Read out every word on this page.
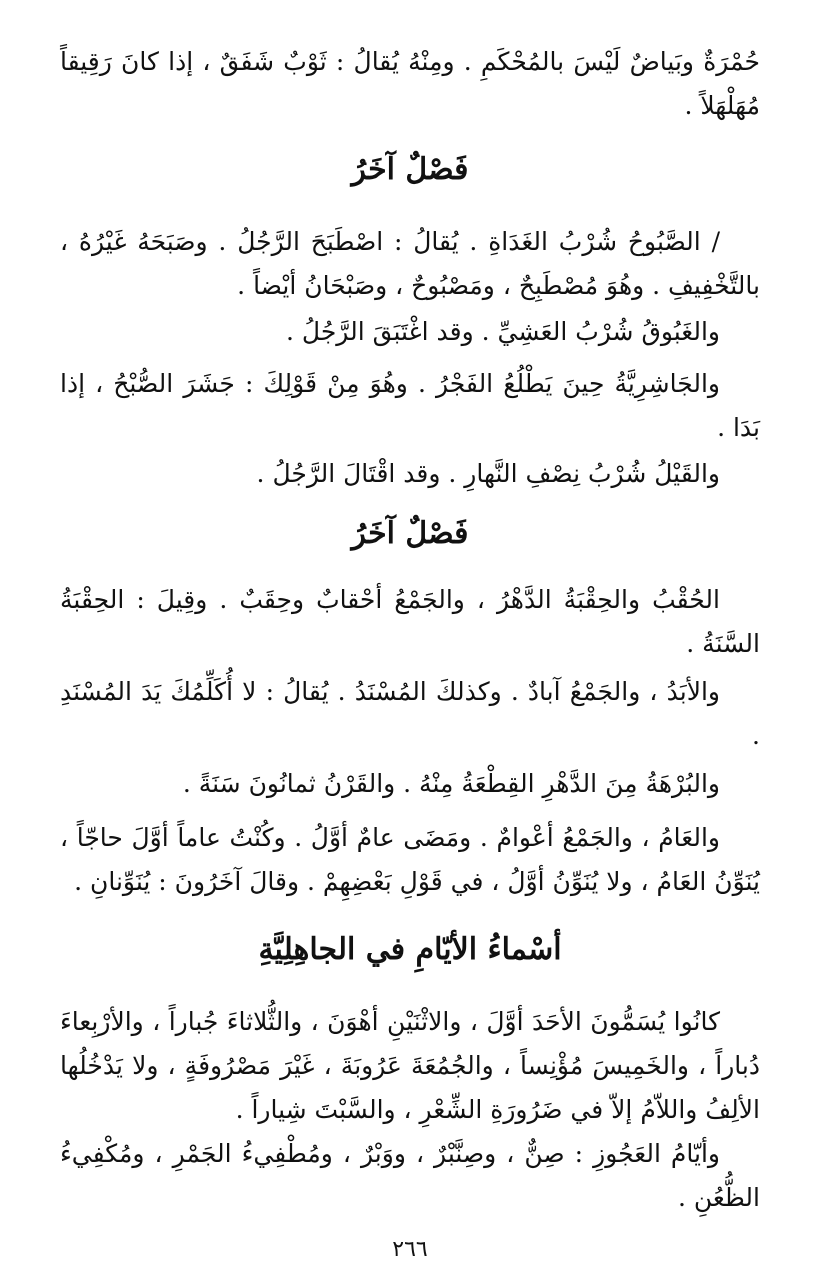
حُمْرَةٌ وبَياضٌ لَيْسَ بالمُحْكَمِ . ومِنْهُ يُقالُ : ثَوْبٌ شَفَقٌ ، إذا كانَ رَقِيقاً مُهَلْهَلاً .

فَصْلٌ آخَرُ

/ الصَّبُوحُ شُرْبُ الغَدَاةِ . يُقالُ : اصْطَبَحَ الرَّجُلُ . وصَبَحَهُ غَيْرُهُ ، بالتَّخْفِيفِ . وهُوَ مُصْطَبِحٌ ، ومَصْبُوحٌ ، وصَبْحَانُ أيْضاً .

والغَبُوقُ شُرْبُ العَشِيِّ . وقد اغْتَبَقَ الرَّجُلُ .

والجَاشِرِيَّةُ حِينَ يَطْلُعُ الفَجْرُ . وهُوَ مِنْ قَوْلِكَ : جَشَرَ الصُّبْحُ ، إذا بَدَا .

والقَيْلُ شُرْبُ نِصْفِ النَّهارِ . وقد اقْتَالَ الرَّجُلُ .

فَصْلٌ آخَرُ

الحُقْبُ والحِقْبَةُ الدَّهْرُ ، والجَمْعُ أحْقابٌ وحِقَبٌ . وقِيلَ : الحِقْبَةُ السَّنَةُ .

والأبَدُ ، والجَمْعُ آبادٌ . وكذلكَ المُسْنَدُ . يُقالُ : لا أُكَلِّمُكَ يَدَ المُسْنَدِ .

والبُرْهَةُ مِنَ الدَّهْرِ القِطْعَةُ مِنْهُ . والقَرْنُ ثمانُونَ سَنَةً .

والعَامُ ، والجَمْعُ أعْوامٌ . ومَضَى عامٌ أوَّلُ . وكُنْتُ عاماً أوَّلَ حاجّاً ، يُنَوِّنُ العَامُ ، ولا يُنَوِّنُ أوَّلُ ، في قَوْلِ بَعْضِهِمْ . وقالَ آخَرُونَ : يُنَوِّنانِ .

أسْماءُ الأيّامِ في الجاهِلِيَّةِ

كانُوا يُسَمُّونَ الأحَدَ أوَّلَ ، والاثْنَيْنِ أهْوَنَ ، والثُّلاثاءَ جُباراً ، والأرْبِعاءَ دُباراً ، والخَمِيسَ مُؤْنِساً ، والجُمُعَةَ عَرُوبَةَ ، غَيْرَ مَصْرُوفَةٍ ، ولا يَدْخُلُها الألِفُ واللاّمُ إلاّ في ضَرُورَةِ الشِّعْرِ ، والسَّبْتَ شِياراً .

وأيّامُ العَجُوزِ : صِنٌّ ، وصِنَّبْرٌ ، ووَبْرٌ ، ومُطْفِيءُ الجَمْرِ ، ومُكْفِيءُ الظُّعُنِ .

٢٦٦
